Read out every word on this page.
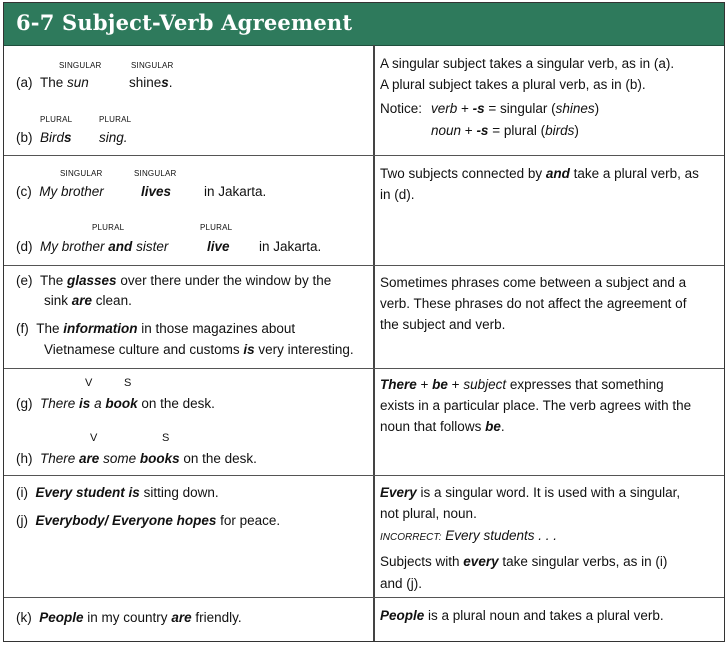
6-7 Subject-Verb Agreement
SINGULAR	SINGULAR
(a) The sun	shines.
PLURAL	PLURAL
(b) Birds sing.
A singular subject takes a singular verb, as in (a).
A plural subject takes a plural verb, as in (b).
Notice: verb + -s = singular (shines)
noun + -s = plural (birds)
SINGULAR	SINGULAR
(c) My brother	lives in Jakarta.
PLURAL	PLURAL
(d) My brother and sister	live in Jakarta.
Two subjects connected by and take a plural verb, as
in (d).
(e) The glasses over there under the window by the
sink are clean.
(f) The information in those magazines about
Vietnamese culture and customs is very interesting.
Sometimes phrases come between a subject and a
verb. These phrases do not affect the agreement of
the subject and verb.
V	S
(g) There is a book on the desk.
V	S
(h) There are some books on the desk.
There + be + subject expresses that something
exists in a particular place. The verb agrees with the
noun that follows be.
(i) Every student is sitting down.
(j) Everybody/ Everyone hopes for peace.
Every is a singular word. It is used with a singular,
not plural, noun.
INCORRECT: Every students . . .
Subjects with every take singular verbs, as in (i)
and (j).
(k) People in my country are friendly.	People is a plural noun and takes a plural verb.
